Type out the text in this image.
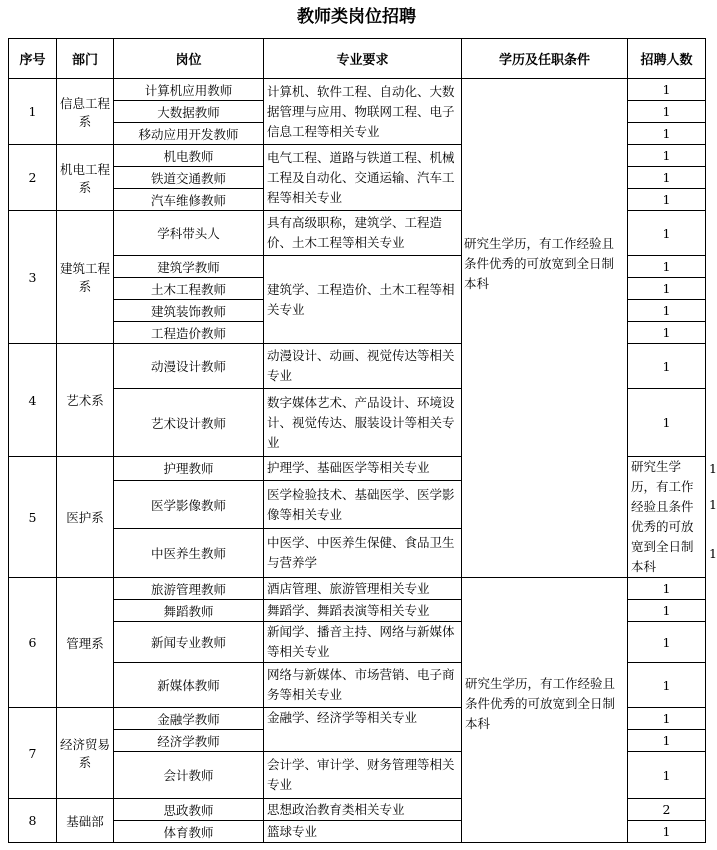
教师类岗位招聘
序号	部门	岗位	专业要求	学历及任职条件	招聘人数	
1	信息工程系	计算机应用教师	计算机、软件工程、自动化、大数据管理与应用、物联网工程、电子信息工程等相关专业		1	
		大数据教师			1	
		移动应用开发教师			1	
2	机电工程系	机电教师	电气工程、道路与铁道工程、机械工程及自动化、交通运输、汽车工程等相关专业		1	
		铁道交通教师			1	
		汽车维修教师			1	
3	建筑工程系	学科带头人	具有高级职称，建筑学、工程造价、土木工程等相关专业		1	
		建筑学教师	建筑学、工程造价、土木工程等相关专业		1	
		土木工程教师			1	
		建筑装饰教师			1	
		工程造价教师			1	
4	艺术系	动漫设计教师	动漫设计、动画、视觉传达等相关专业		1	
		艺术设计教师	数字媒体艺术、产品设计、环境设计、视觉传达、服装设计等相关专业		1	
5	医护系	护理教师	护理学、基础医学等相关专业		研究生学历，有工作经验且条件优秀的可放宽到全日制本科	1
		医学影像教师	医学检验技术、基础医学、医学影像等相关专业			1
		中医养生教师	中医学、中医养生保健、食品卫生与营养学			1
6	管理系	旅游管理教师	酒店管理、旅游管理相关专业	研究生学历，有工作经验且条件优秀的可放宽到全日制本科	1	
		舞蹈教师	舞蹈学、舞蹈表演等相关专业		1	
		新闻专业教师	新闻学、播音主持、网络与新媒体等相关专业		1	
		新媒体教师	网络与新媒体、市场营销、电子商务等相关专业		1	
7	经济贸易系	金融学教师	金融学、经济学等相关专业		1	
		经济学教师			1	
		会计教师	会计学、审计学、财务管理等相关专业		1	
8	基础部	思政教师	思想政治教育类相关专业		2	
		体育教师	篮球专业		1	
研究生学历，有工作经验且条件优秀的可放宽到全日制本科
